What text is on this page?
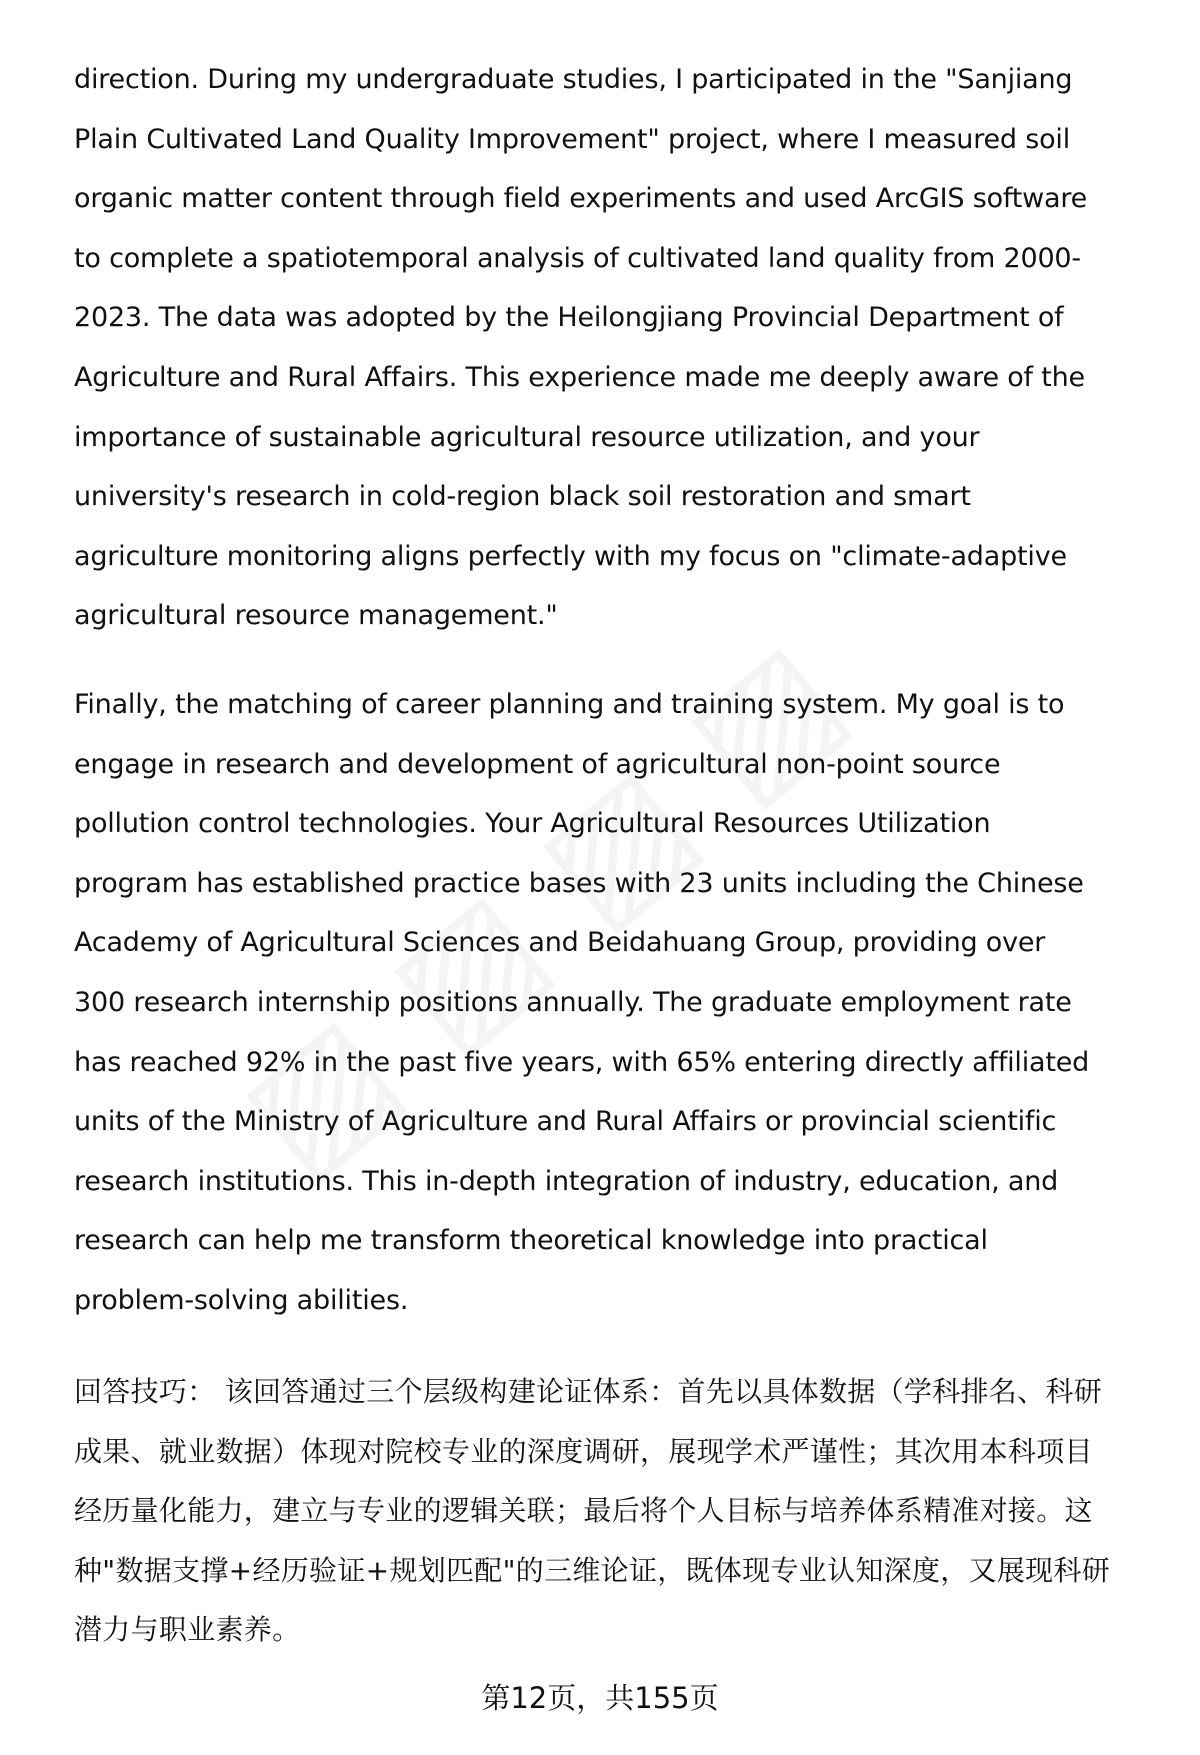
direction. During my undergraduate studies, I participated in the "Sanjiang
Plain Cultivated Land Quality Improvement" project, where I measured soil
organic matter content through field experiments and used ArcGIS software
to complete a spatiotemporal analysis of cultivated land quality from 2000-
2023. The data was adopted by the Heilongjiang Provincial Department of
Agriculture and Rural Affairs. This experience made me deeply aware of the
importance of sustainable agricultural resource utilization, and your
university's research in cold-region black soil restoration and smart
agriculture monitoring aligns perfectly with my focus on "climate-adaptive
agricultural resource management."
Finally, the matching of career planning and training system. My goal is to
engage in research and development of agricultural non-point source
pollution control technologies. Your Agricultural Resources Utilization
program has established practice bases with 23 units including the Chinese
Academy of Agricultural Sciences and Beidahuang Group, providing over
300 research internship positions annually. The graduate employment rate
has reached 92% in the past five years, with 65% entering directly affiliated
units of the Ministry of Agriculture and Rural Affairs or provincial scientific
research institutions. This in-depth integration of industry, education, and
research can help me transform theoretical knowledge into practical
problem-solving abilities.
回答技巧： 该回答通过三个层级构建论证体系：首先以具体数据（学科排名、科研
成果、就业数据）体现对院校专业的深度调研，展现学术严谨性；其次用本科项目
经历量化能力，建立与专业的逻辑关联；最后将个人目标与培养体系精准对接。这
种"数据支撑+经历验证+规划匹配"的三维论证，既体现专业认知深度，又展现科研
潜力与职业素养。
第12页，共155页
